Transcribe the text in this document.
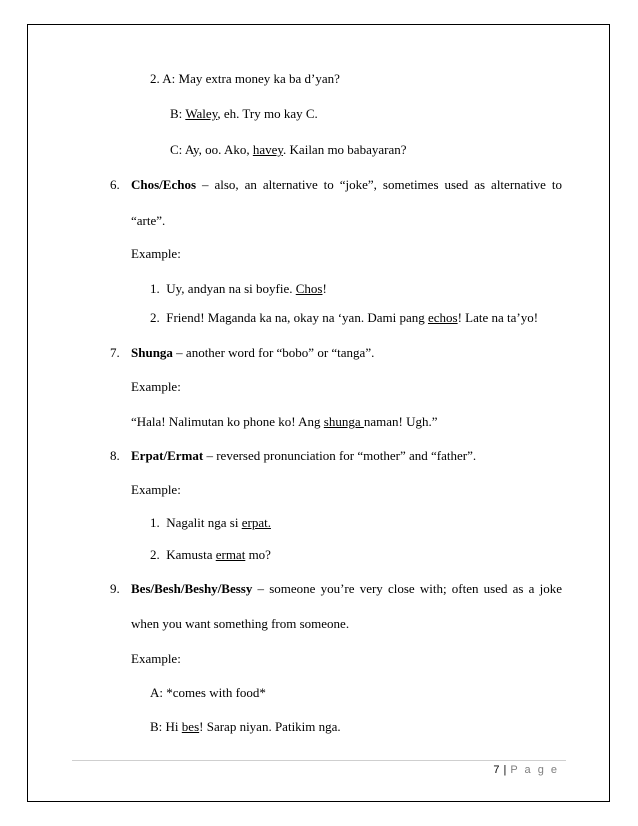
2. A: May extra money ka ba d’yan?
B: Waley, eh. Try mo kay C.
C: Ay, oo. Ako, havey. Kailan mo babayaran?
6. Chos/Echos – also, an alternative to “joke”, sometimes used as alternative to
“arte”.
Example:
1. Uy, andyan na si boyfie. Chos!
2. Friend! Maganda ka na, okay na ‘yan. Dami pang echos! Late na ta’yo!
7. Shunga – another word for “bobo” or “tanga”.
Example:
“Hala! Nalimutan ko phone ko! Ang shunga naman! Ugh.”
8. Erpat/Ermat – reversed pronunciation for “mother” and “father”.
Example:
1. Nagalit nga si erpat.
2. Kamusta ermat mo?
9. Bes/Besh/Beshy/Bessy – someone you’re very close with; often used as a joke
when you want something from someone.
Example:
A: *comes with food*
B: Hi bes! Sarap niyan. Patikim nga.
7 | P a g e
